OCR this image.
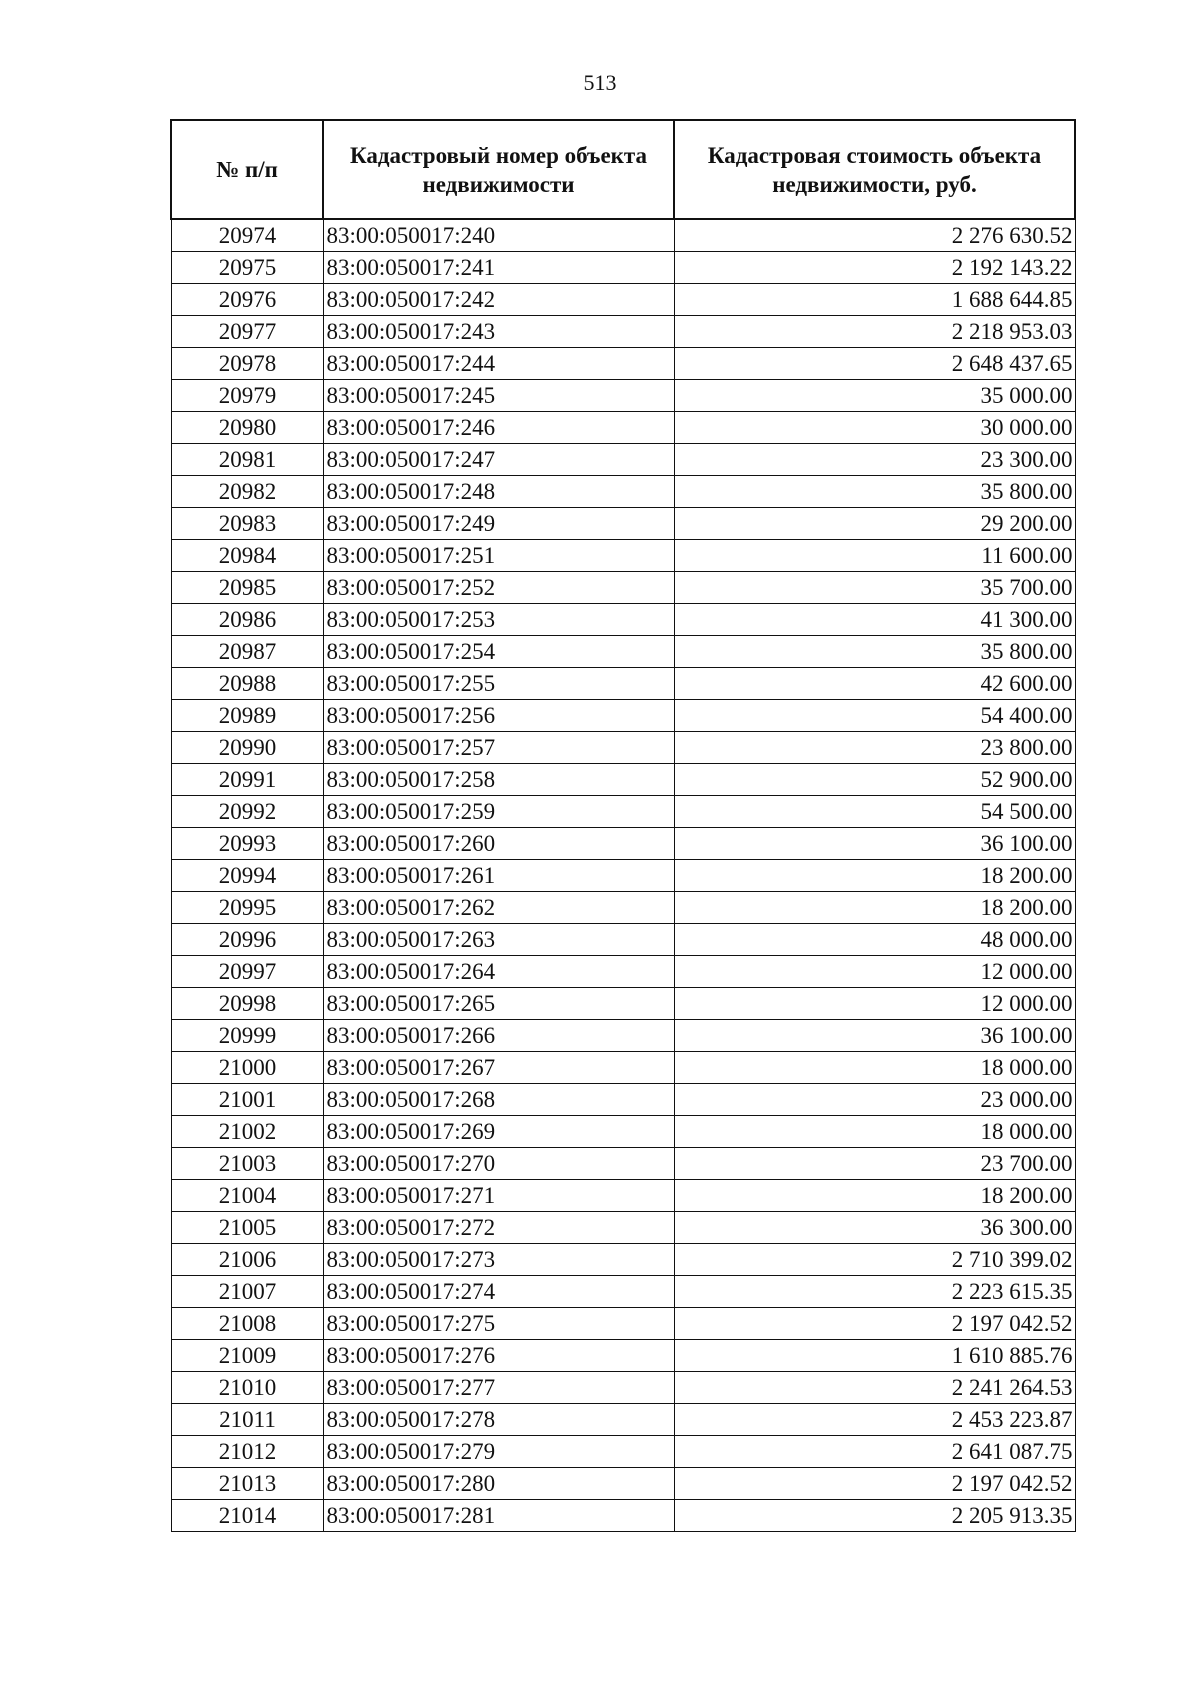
513
№ п/п	Кадастровый номер объекта недвижимости	Кадастровая стоимость объекта недвижимости, руб.
20974	83:00:050017:240	2 276 630.52
20975	83:00:050017:241	2 192 143.22
20976	83:00:050017:242	1 688 644.85
20977	83:00:050017:243	2 218 953.03
20978	83:00:050017:244	2 648 437.65
20979	83:00:050017:245	35 000.00
20980	83:00:050017:246	30 000.00
20981	83:00:050017:247	23 300.00
20982	83:00:050017:248	35 800.00
20983	83:00:050017:249	29 200.00
20984	83:00:050017:251	11 600.00
20985	83:00:050017:252	35 700.00
20986	83:00:050017:253	41 300.00
20987	83:00:050017:254	35 800.00
20988	83:00:050017:255	42 600.00
20989	83:00:050017:256	54 400.00
20990	83:00:050017:257	23 800.00
20991	83:00:050017:258	52 900.00
20992	83:00:050017:259	54 500.00
20993	83:00:050017:260	36 100.00
20994	83:00:050017:261	18 200.00
20995	83:00:050017:262	18 200.00
20996	83:00:050017:263	48 000.00
20997	83:00:050017:264	12 000.00
20998	83:00:050017:265	12 000.00
20999	83:00:050017:266	36 100.00
21000	83:00:050017:267	18 000.00
21001	83:00:050017:268	23 000.00
21002	83:00:050017:269	18 000.00
21003	83:00:050017:270	23 700.00
21004	83:00:050017:271	18 200.00
21005	83:00:050017:272	36 300.00
21006	83:00:050017:273	2 710 399.02
21007	83:00:050017:274	2 223 615.35
21008	83:00:050017:275	2 197 042.52
21009	83:00:050017:276	1 610 885.76
21010	83:00:050017:277	2 241 264.53
21011	83:00:050017:278	2 453 223.87
21012	83:00:050017:279	2 641 087.75
21013	83:00:050017:280	2 197 042.52
21014	83:00:050017:281	2 205 913.35
